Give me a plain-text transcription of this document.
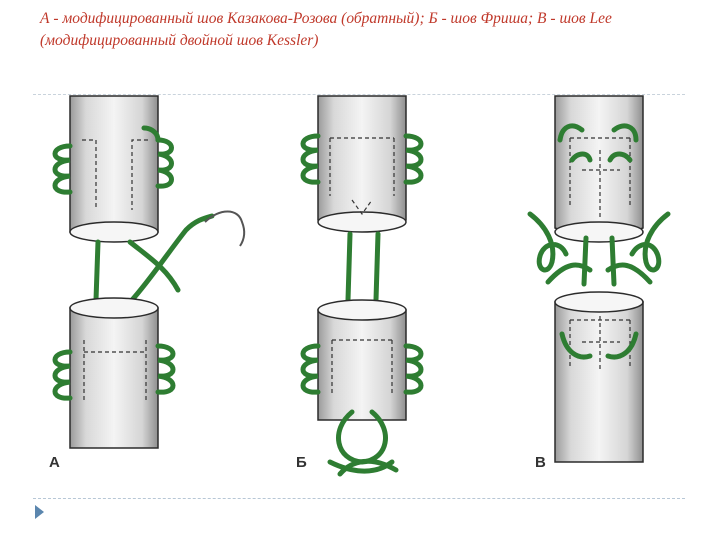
А - модифицированный шов Казакова-Розова (обратный); Б - шов Фриша; В - шов Lee (модифицированный двойной шов Kessler)

А	Б	В
